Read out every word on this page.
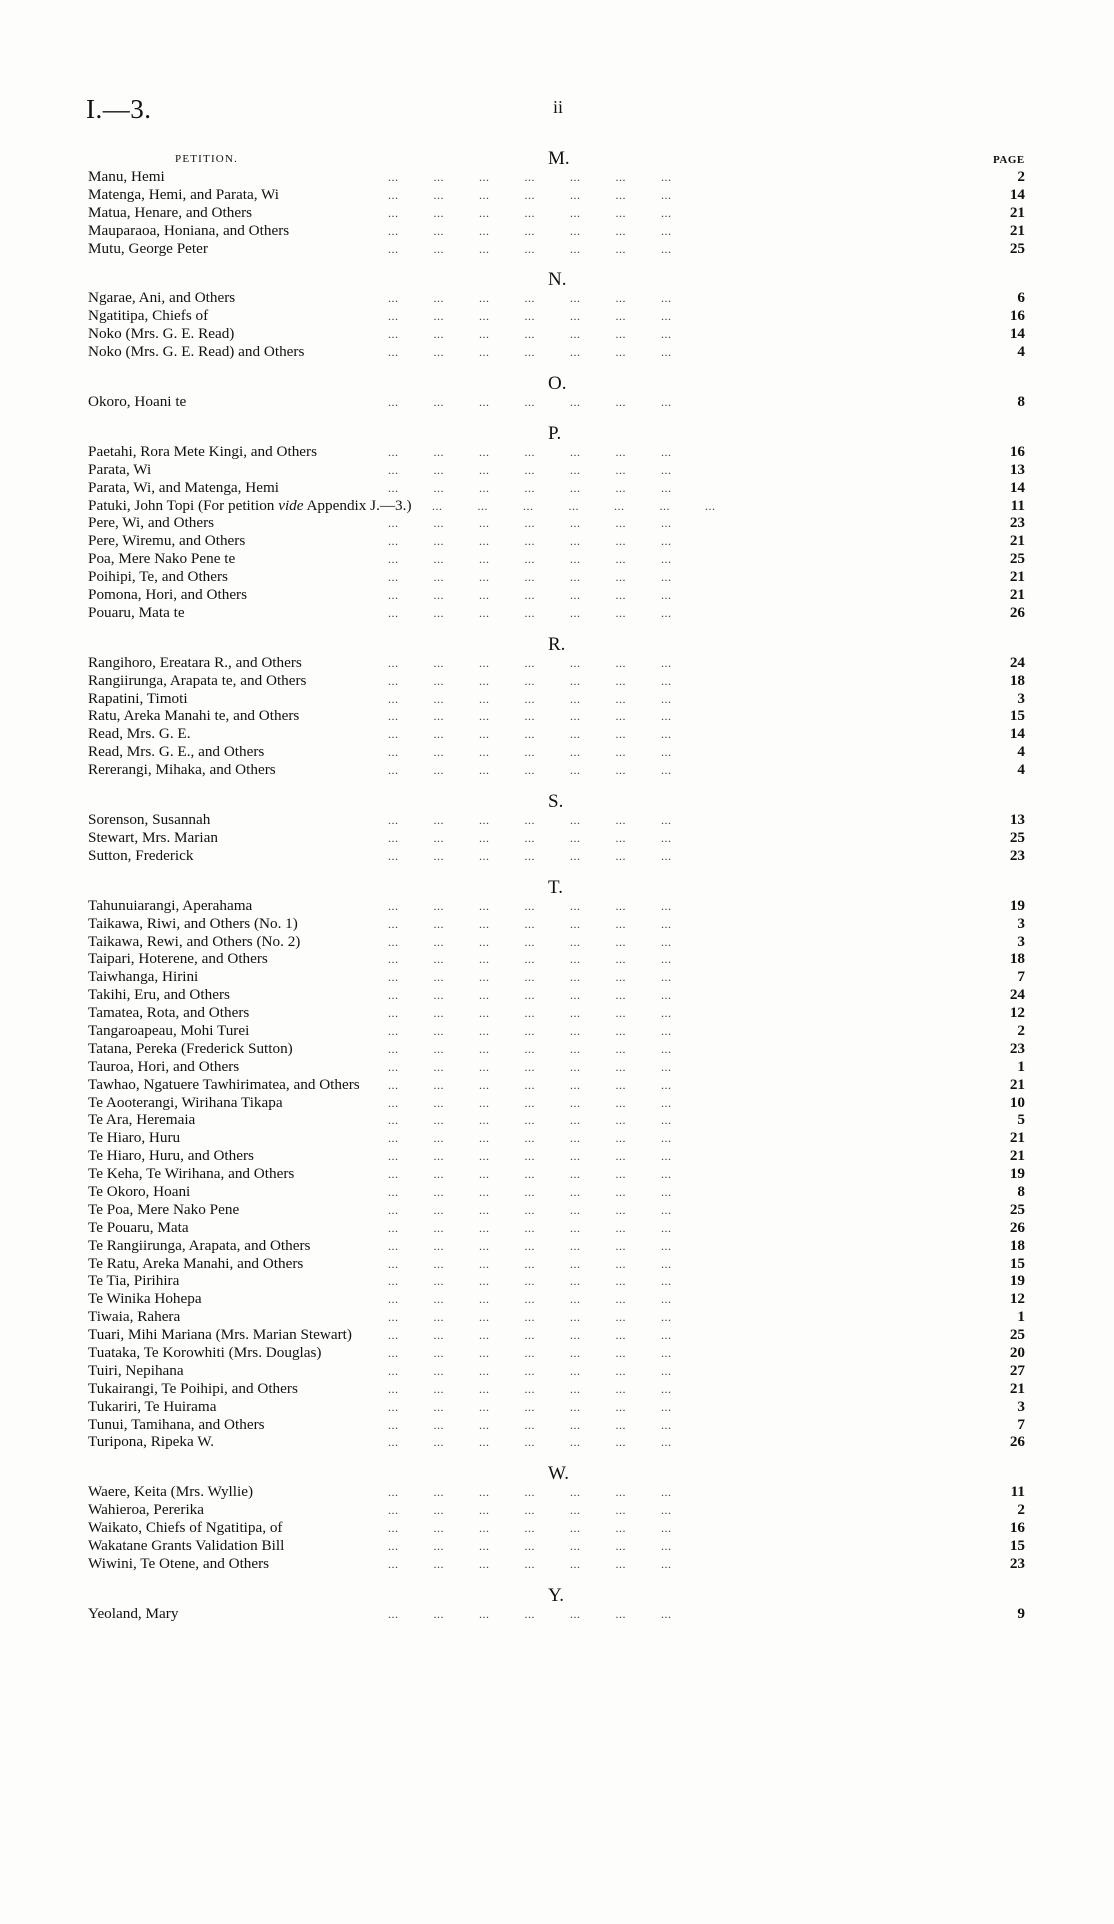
I.—3.	ii
PETITION.	PAGE
M.
Manu, Hemi	...          ...          ...          ...          ...          ...          ...	2
Matenga, Hemi, and Parata, Wi	...          ...          ...          ...          ...          ...          ...	14
Matua, Henare, and Others	...          ...          ...          ...          ...          ...          ...	21
Mauparaoa, Honiana, and Others	...          ...          ...          ...          ...          ...          ...	21
Mutu, George Peter	...          ...          ...          ...          ...          ...          ...	25
N.
Ngarae, Ani, and Others	...          ...          ...          ...          ...          ...          ...	6
Ngatitipa, Chiefs of	...          ...          ...          ...          ...          ...          ...	16
Noko (Mrs. G. E. Read)	...          ...          ...          ...          ...          ...          ...	14
Noko (Mrs. G. E. Read) and Others	...          ...          ...          ...          ...          ...          ...	4
O.
Okoro, Hoani te	...          ...          ...          ...          ...          ...          ...	8
P.
Paetahi, Rora Mete Kingi, and Others	...          ...          ...          ...          ...          ...          ...	16
Parata, Wi	...          ...          ...          ...          ...          ...          ...	13
Parata, Wi, and Matenga, Hemi	...          ...          ...          ...          ...          ...          ...	14
Patuki, John Topi (For petition vide Appendix J.—3.) ...          ...          ...          ...          ...          ...          ...	11
Pere, Wi, and Others	...          ...          ...          ...          ...          ...          ...	23
Pere, Wiremu, and Others	...          ...          ...          ...          ...          ...          ...	21
Poa, Mere Nako Pene te	...          ...          ...          ...          ...          ...          ...	25
Poihipi, Te, and Others	...          ...          ...          ...          ...          ...          ...	21
Pomona, Hori, and Others	...          ...          ...          ...          ...          ...          ...	21
Pouaru, Mata te	...          ...          ...          ...          ...          ...          ...	26
R.
Rangihoro, Ereatara R., and Others	...          ...          ...          ...          ...          ...          ...	24
Rangiirunga, Arapata te, and Others	...          ...          ...          ...          ...          ...          ...	18
Rapatini, Timoti	...          ...          ...          ...          ...          ...          ...	3
Ratu, Areka Manahi te, and Others	...          ...          ...          ...          ...          ...          ...	15
Read, Mrs. G. E.	...          ...          ...          ...          ...          ...          ...	14
Read, Mrs. G. E., and Others	...          ...          ...          ...          ...          ...          ...	4
Rererangi, Mihaka, and Others	...          ...          ...          ...          ...          ...          ...	4
S.
Sorenson, Susannah	...          ...          ...          ...          ...          ...          ...	13
Stewart, Mrs. Marian	...          ...          ...          ...          ...          ...          ...	25
Sutton, Frederick	...          ...          ...          ...          ...          ...          ...	23
T.
Tahunuiarangi, Aperahama	...          ...          ...          ...          ...          ...          ...	19
Taikawa, Riwi, and Others (No. 1)	...          ...          ...          ...          ...          ...          ...	3
Taikawa, Rewi, and Others (No. 2)	...          ...          ...          ...          ...          ...          ...	3
Taipari, Hoterene, and Others	...          ...          ...          ...          ...          ...          ...	18
Taiwhanga, Hirini	...          ...          ...          ...          ...          ...          ...	7
Takihi, Eru, and Others	...          ...          ...          ...          ...          ...          ...	24
Tamatea, Rota, and Others	...          ...          ...          ...          ...          ...          ...	12
Tangaroapeau, Mohi Turei	...          ...          ...          ...          ...          ...          ...	2
Tatana, Pereka (Frederick Sutton)	...          ...          ...          ...          ...          ...          ...	23
Tauroa, Hori, and Others	...          ...          ...          ...          ...          ...          ...	1
Tawhao, Ngatuere Tawhirimatea, and Others ...          ...          ...          ...          ...          ...          ...	21
Te Aooterangi, Wirihana Tikapa	...          ...          ...          ...          ...          ...          ...	10
Te Ara, Heremaia	...          ...          ...          ...          ...          ...          ...	5
Te Hiaro, Huru	...          ...          ...          ...          ...          ...          ...	21
Te Hiaro, Huru, and Others	...          ...          ...          ...          ...          ...          ...	21
Te Keha, Te Wirihana, and Others	...          ...          ...          ...          ...          ...          ...	19
Te Okoro, Hoani	...          ...          ...          ...          ...          ...          ...	8
Te Poa, Mere Nako Pene	...          ...          ...          ...          ...          ...          ...	25
Te Pouaru, Mata	...          ...          ...          ...          ...          ...          ...	26
Te Rangiirunga, Arapata, and Others	...          ...          ...          ...          ...          ...          ...	18
Te Ratu, Areka Manahi, and Others	...          ...          ...          ...          ...          ...          ...	15
Te Tia, Pirihira	...          ...          ...          ...          ...          ...          ...	19
Te Winika Hohepa	...          ...          ...          ...          ...          ...          ...	12
Tiwaia, Rahera	...          ...          ...          ...          ...          ...          ...	1
Tuari, Mihi Mariana (Mrs. Marian Stewart)	...          ...          ...          ...          ...          ...          ...	25
Tuataka, Te Korowhiti (Mrs. Douglas)	...          ...          ...          ...          ...          ...          ...	20
Tuiri, Nepihana	...          ...          ...          ...          ...          ...          ...	27
Tukairangi, Te Poihipi, and Others	...          ...          ...          ...          ...          ...          ...	21
Tukariri, Te Huirama	...          ...          ...          ...          ...          ...          ...	3
Tunui, Tamihana, and Others	...          ...          ...          ...          ...          ...          ...	7
Turipona, Ripeka W.	...          ...          ...          ...          ...          ...          ...	26
W.
Waere, Keita (Mrs. Wyllie)	...          ...          ...          ...          ...          ...          ...	11
Wahieroa, Pererika	...          ...          ...          ...          ...          ...          ...	2
Waikato, Chiefs of Ngatitipa, of	...          ...          ...          ...          ...          ...          ...	16
Wakatane Grants Validation Bill	...          ...          ...          ...          ...          ...          ...	15
Wiwini, Te Otene, and Others	...          ...          ...          ...          ...          ...          ...	23
Y.
Yeoland, Mary	...          ...          ...          ...          ...          ...          ...	9
